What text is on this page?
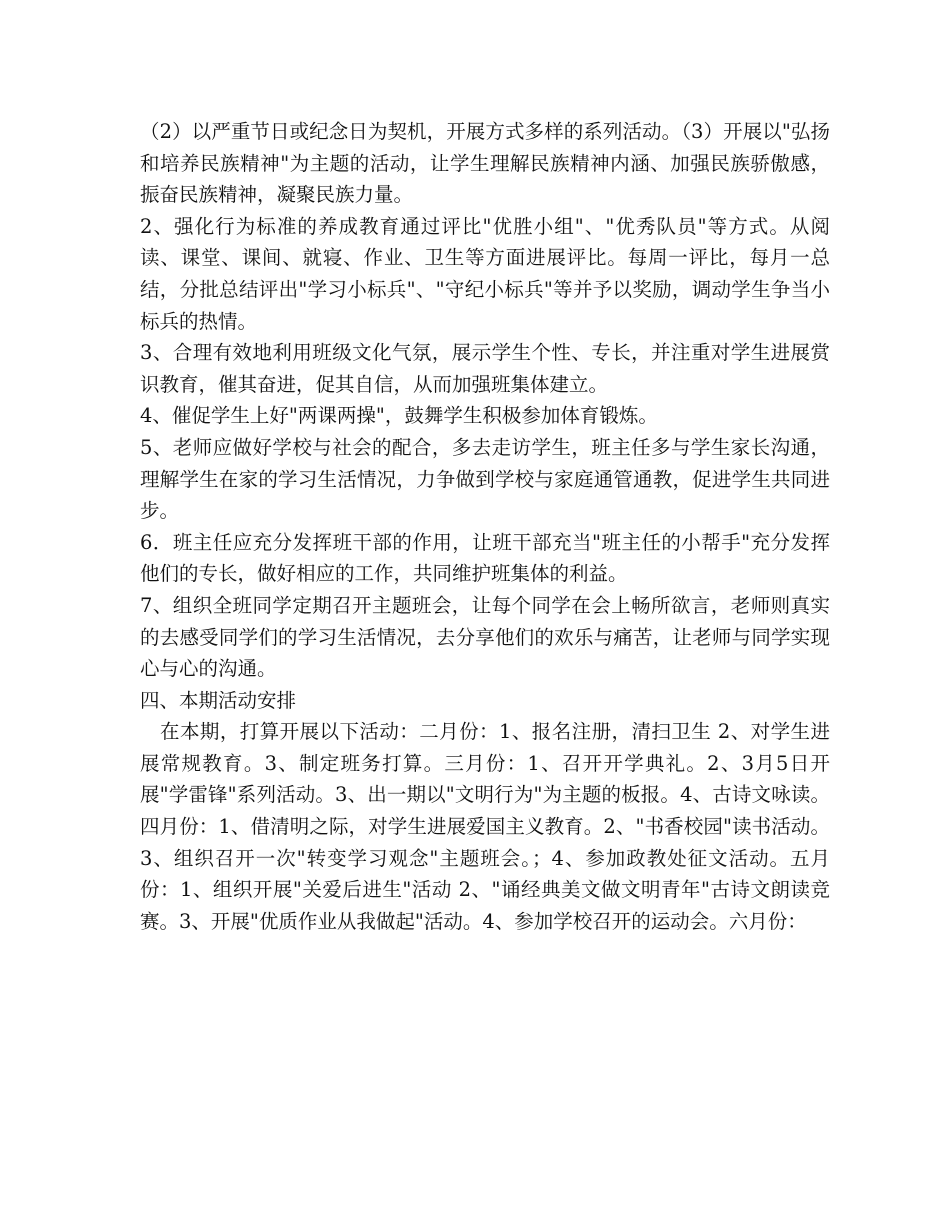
（2）以严重节日或纪念日为契机，开展方式多样的系列活动。（3）开展以"弘扬和培养民族精神"为主题的活动，让学生理解民族精神内涵、加强民族骄傲感，振奋民族精神，凝聚民族力量。

2、强化行为标准的养成教育通过评比"优胜小组"、"优秀队员"等方式。从阅读、课堂、课间、就寝、作业、卫生等方面进展评比。每周一评比，每月一总结，分批总结评出"学习小标兵"、"守纪小标兵"等并予以奖励，调动学生争当小标兵的热情。

3、合理有效地利用班级文化气氛，展示学生个性、专长，并注重对学生进展赏识教育，催其奋进，促其自信，从而加强班集体建立。

4、催促学生上好"两课两操"，鼓舞学生积极参加体育锻炼。

5、老师应做好学校与社会的配合，多去走访学生，班主任多与学生家长沟通，理解学生在家的学习生活情况，力争做到学校与家庭通管通教，促进学生共同进步。

6．班主任应充分发挥班干部的作用，让班干部充当"班主任的小帮手"充分发挥他们的专长，做好相应的工作，共同维护班集体的利益。

7、组织全班同学定期召开主题班会，让每个同学在会上畅所欲言，老师则真实的去感受同学们的学习生活情况，去分享他们的欢乐与痛苦，让老师与同学实现心与心的沟通。

四、本期活动安排

在本期，打算开展以下活动：二月份：1、报名注册，清扫卫生 2、对学生进展常规教育。3、制定班务打算。三月份：1、召开开学典礼。2、3月5日开展"学雷锋"系列活动。3、出一期以"文明行为"为主题的板报。4、古诗文咏读。四月份：1、借清明之际，对学生进展爱国主义教育。2、"书香校园"读书活动。3、组织召开一次"转变学习观念"主题班会。；4、参加政教处征文活动。五月份：1、组织开展"关爱后进生"活动 2、"诵经典美文做文明青年"古诗文朗读竞赛。3、开展"优质作业从我做起"活动。4、参加学校召开的运动会。六月份：
